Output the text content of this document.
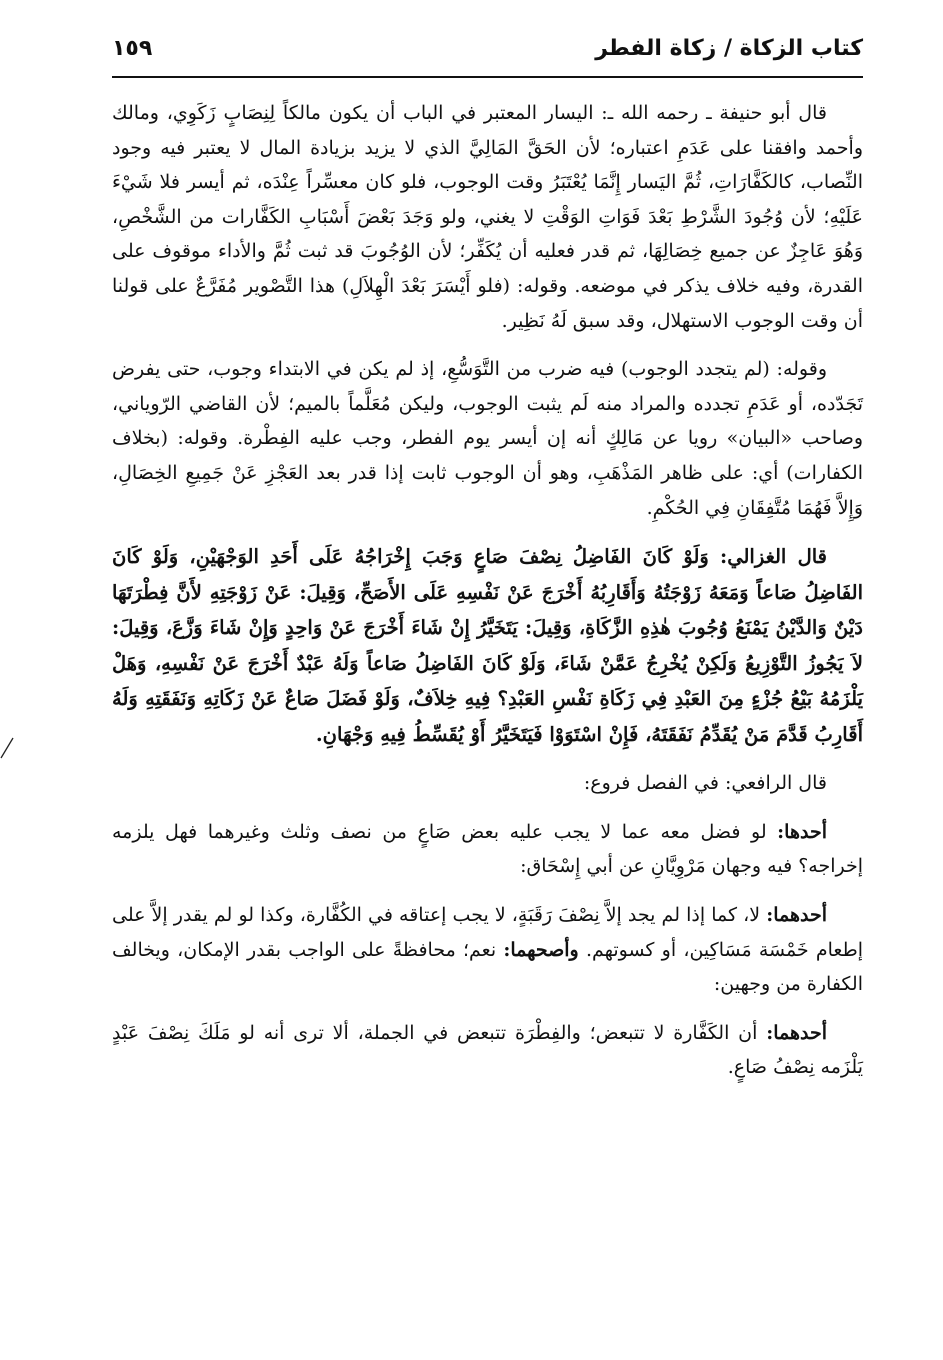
كتاب الزكاة / زكاة الفطر
١٥٩

قال أبو حنيفة ـ رحمه الله ـ: اليسار المعتبر في الباب أن يكون مالكاً لِنِصَابٍ زَكَوِي، ومالك وأحمد وافقنا على عَدَمِ اعتباره؛ لأن الحَقَّ المَالِيَّ الذي لا يزيد بزيادة المال لا يعتبر فيه وجود النِّصاب، كالكَفَّارَاتِ، ثُمَّ اليَسار إِنَّمَا يُعْتَبَرُ وقت الوجوب، فلو كان معسِّراً عِنْدَه، ثم أيسر فلا شَيْءَ عَلَيْهِ؛ لأن وُجُودَ الشَّرْطِ بَعْدَ فَوَاتِ الوَقْتِ لا يغني، ولو وَجَدَ بَعْضَ أَسْبَابِ الكَفَّارات من الشَّخْصِ، وَهُوَ عَاجِزٌ عن جميع خِصَالِهَا، ثم قدر فعليه أن يُكَفِّر؛ لأن الوُجُوبَ قد ثبت ثُمَّ والأداء موقوف على القدرة، وفيه خلاف يذكر في موضعه. وقوله: (فلو أَيْسَرَ بَعْدَ الْهِلاَلِ) هذا التَّصْوير مُفَرَّعٌ على قولنا أن وقت الوجوب الاستهلال، وقد سبق لَهُ نَظِير.

وقوله: (لم يتجدد الوجوب) فيه ضرب من التَّوَسُّعِ، إذ لم يكن في الابتداء وجوب، حتى يفرض تَجَدّده، أو عَدَمِ تجدده والمراد منه لَم يثبت الوجوب، وليكن مُعَلَّماً بالميم؛ لأن القاضي الرّوياني، وصاحب «البيان» رويا عن مَالِكٍ أنه إن أيسر يوم الفطر، وجب عليه الفِطْرة. وقوله: (بخلاف الكفارات) أي: على ظاهر المَذْهَبِ، وهو أن الوجوب ثابت إذا قدر بعد العَجْزِ عَنْ جَمِيعِ الخِصَالِ، وَإِلاَّ فَهُمَا مُتَّفِقَانِ فِي الحُكْمِ.

قال الغزالي: وَلَوْ كَانَ الفَاضِلُ نِصْفَ صَاعٍ وَجَبَ إِخْرَاجُهُ عَلَى أَحَدِ الوَجْهَيْنِ، وَلَوْ كَانَ الفَاضِلُ صَاعاً وَمَعَهُ زَوْجَتُهُ وَأَقَارِبُهُ أَخْرَجَ عَنْ نَفْسِهِ عَلَى الأَصَحِّ، وَقِيلَ: عَنْ زَوْجَتِهِ لأَنَّ فِطْرَتَهَا دَيْنٌ وَالدَّيْنُ يَمْنَعُ وُجُوبَ هٰذِهِ الزَّكَاةِ، وَقِيلَ: يَتَخَيَّرُ إِنْ شَاءَ أَخْرَجَ عَنْ وَاحِدٍ وَإِنْ شَاءَ وَزَّعَ، وَقِيلَ: لاَ يَجُوزُ التَّوْزِيعُ وَلَكِنْ يُخْرِجُ عَمَّنْ شَاءَ، وَلَوْ كَانَ الفَاضِلُ صَاعاً وَلَهُ عَبْدٌ أَخْرَجَ عَنْ نَفْسِهِ، وَهَلْ يَلْزَمُهُ بَيْعُ جُزْءٍ مِنَ العَبْدِ فِي زَكَاةِ نَفْسِ العَبْدِ؟ فِيهِ خِلاَفٌ، وَلَوْ فَضَلَ صَاعٌ عَنْ زَكَاتِهِ وَنَفَقَتِهِ وَلَهُ أَقَارِبُ قَدَّمَ مَنْ يُقَدِّمُ نَفَقَتَهُ، فَإِنْ اسْتَوَوْا فَيَتَخَيَّرُ أَوْ يُقَسِّطُ فِيهِ وَجْهَانِ.

قال الرافعي: في الفصل فروع:

أحدها: لو فضل معه عما لا يجب عليه بعض صَاعٍ من نصف وثلث وغيرهما فهل يلزمه إخراجه؟ فيه وجهان مَرْوِيَّانِ عن أبي إِسْحَاق:

أحدهما: لا، كما إذا لم يجد إلاَّ نِصْفَ رَقَبَةٍ، لا يجب إعتاقه في الكُفَّارة، وكذا لو لم يقدر إلاَّ على إطعام خَمْسَة مَسَاكِين، أو كسوتهم. وأصحهما: نعم؛ محافظةً على الواجب بقدر الإمكان، ويخالف الكفارة من وجهين:

أحدهما: أن الكَفَّارة لا تتبعض؛ والفِطْرَة تتبعض في الجملة، ألا ترى أنه لو مَلَكَ نِصْفَ عَبْدٍ يَلْزَمه نِصْفُ صَاعٍ.
